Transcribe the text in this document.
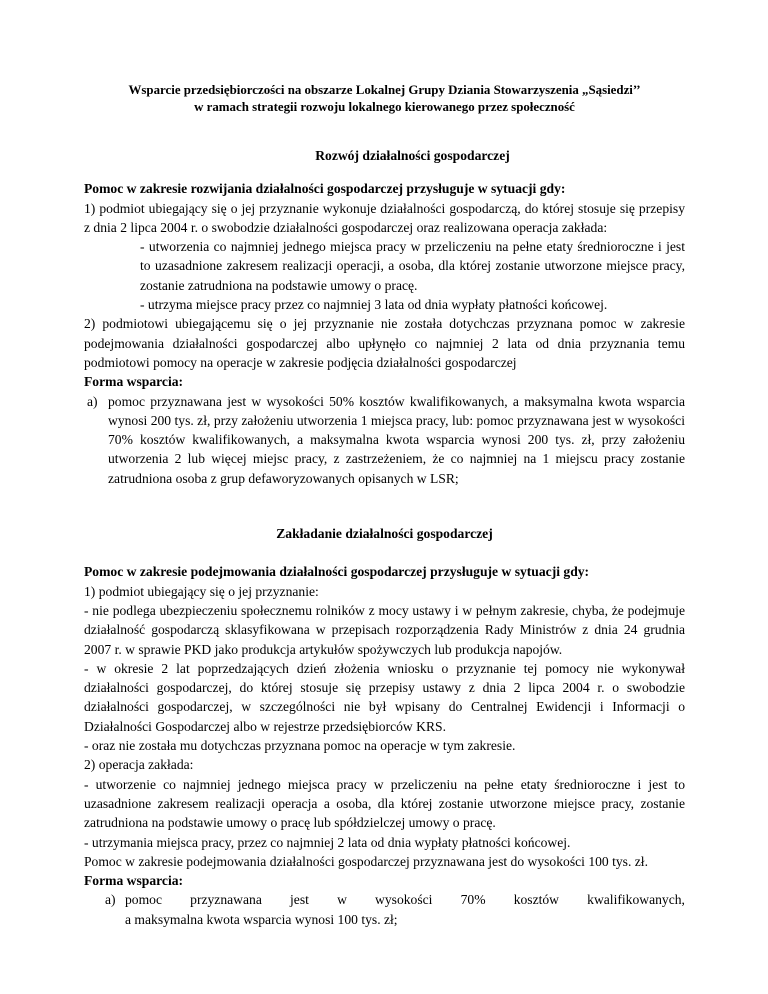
Wsparcie przedsiębiorczości na obszarze Lokalnej Grupy Dziania Stowarzyszenia „Sąsiedzi’’
w ramach strategii rozwoju lokalnego kierowanego przez społeczność
Rozwój działalności gospodarczej
Pomoc w zakresie rozwijania działalności gospodarczej przysługuje w sytuacji gdy:
1) podmiot ubiegający się o jej przyznanie wykonuje działalności gospodarczą, do której stosuje się przepisy z dnia 2 lipca 2004 r. o swobodzie działalności gospodarczej oraz realizowana operacja zakłada:
- utworzenia co najmniej jednego miejsca pracy w przeliczeniu na pełne etaty średnioroczne i jest to uzasadnione zakresem realizacji operacji, a osoba, dla której zostanie utworzone miejsce pracy, zostanie zatrudniona na podstawie umowy o pracę.
- utrzyma miejsce pracy przez co najmniej 3 lata od dnia wypłaty płatności końcowej.
2) podmiotowi ubiegającemu się o jej przyznanie nie została dotychczas przyznana pomoc w zakresie podejmowania działalności gospodarczej albo upłynęło co najmniej 2 lata od dnia przyznania temu podmiotowi pomocy na operacje w zakresie podjęcia działalności gospodarczej
Forma wsparcia:
a) pomoc przyznawana jest w wysokości 50% kosztów kwalifikowanych, a maksymalna kwota wsparcia wynosi 200 tys. zł, przy założeniu utworzenia 1 miejsca pracy, lub: pomoc przyznawana jest w wysokości 70% kosztów kwalifikowanych, a maksymalna kwota wsparcia wynosi 200 tys. zł, przy założeniu utworzenia 2 lub więcej miejsc pracy, z zastrzeżeniem, że co najmniej na 1 miejscu pracy zostanie zatrudniona osoba z grup defaworyzowanych opisanych w LSR;
Zakładanie działalności gospodarczej
Pomoc w zakresie podejmowania działalności gospodarczej przysługuje w sytuacji gdy:
1) podmiot ubiegający się o jej przyznanie:
- nie podlega ubezpieczeniu społecznemu rolników z mocy ustawy i w pełnym zakresie, chyba, że podejmuje działalność gospodarczą sklasyfikowana w przepisach rozporządzenia Rady Ministrów z dnia 24 grudnia 2007 r. w sprawie PKD jako produkcja artykułów spożywczych lub produkcja napojów.
- w okresie 2 lat poprzedzających dzień złożenia wniosku o przyznanie tej pomocy nie wykonywał działalności gospodarczej, do której stosuje się przepisy ustawy z dnia 2 lipca 2004 r. o swobodzie działalności gospodarczej, w szczególności nie był wpisany do Centralnej Ewidencji i Informacji o Działalności Gospodarczej albo w rejestrze przedsiębiorców KRS.
- oraz nie została mu dotychczas przyznana pomoc na operacje w tym zakresie.
2) operacja zakłada:
- utworzenie co najmniej jednego miejsca pracy w przeliczeniu na pełne etaty średnioroczne i jest to uzasadnione zakresem realizacji operacja a osoba, dla której zostanie utworzone miejsce pracy, zostanie zatrudniona na podstawie umowy o pracę lub spółdzielczej umowy o pracę.
- utrzymania miejsca pracy, przez co najmniej 2 lata od dnia wypłaty płatności końcowej.
Pomoc w zakresie podejmowania działalności gospodarczej przyznawana jest do wysokości 100 tys. zł.
Forma wsparcia:
a) pomoc przyznawana jest w wysokości 70% kosztów kwalifikowanych,
a maksymalna kwota wsparcia wynosi 100 tys. zł;
